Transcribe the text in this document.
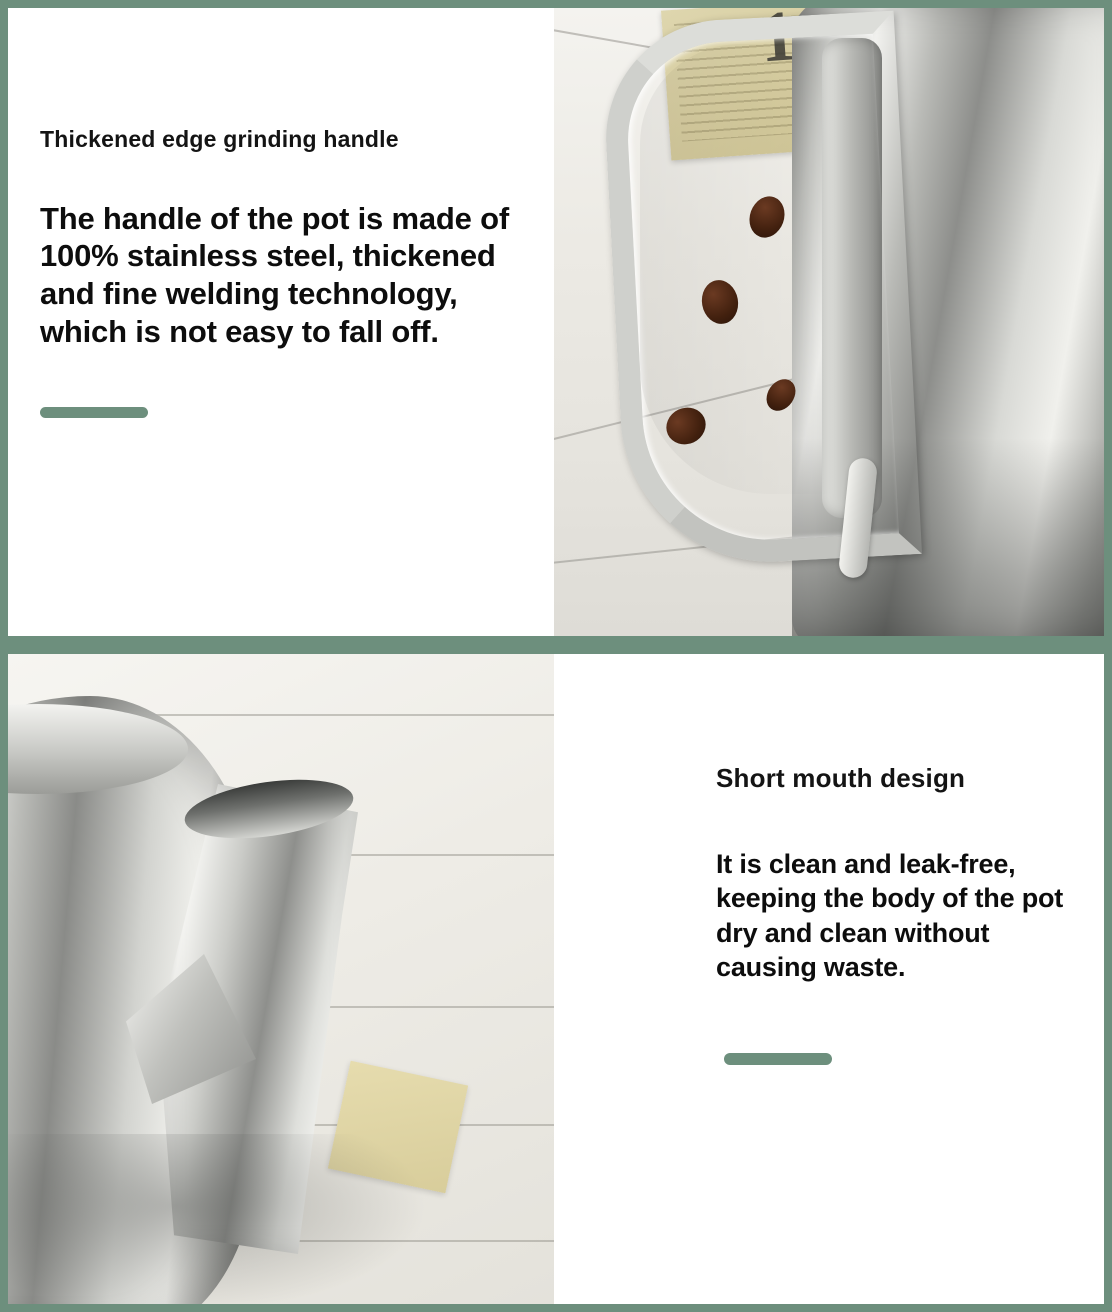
Thickened edge grinding handle

The handle of the pot is made of 100% stainless steel, thickened and fine welding technology, which is not easy to fall off.

Short mouth design

It is clean and leak-free, keeping the body of the pot dry and clean without causing waste.
